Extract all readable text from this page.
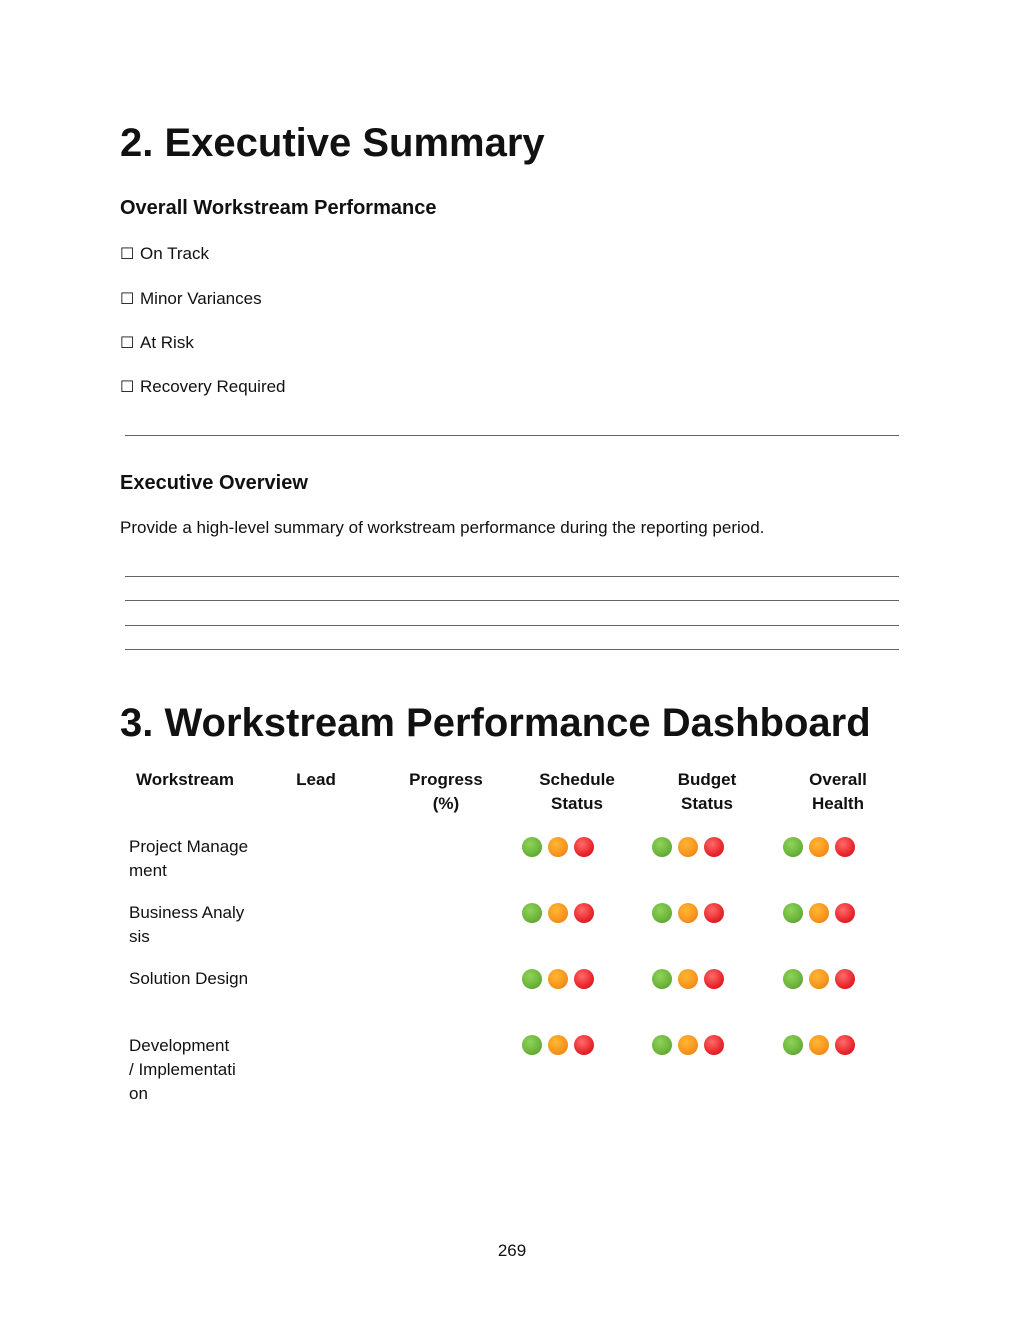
2. Executive Summary
Overall Workstream Performance
☐ On Track
☐ Minor Variances
☐ At Risk
☐ Recovery Required
Executive Overview
Provide a high-level summary of workstream performance during the reporting period.
3. Workstream Performance Dashboard
Workstream	Lead	Progress
(%)
Schedule
Status
Budget
Status
Overall
Health
Project Management
Business Analysis
Solution Design
Development / Implementation
269
